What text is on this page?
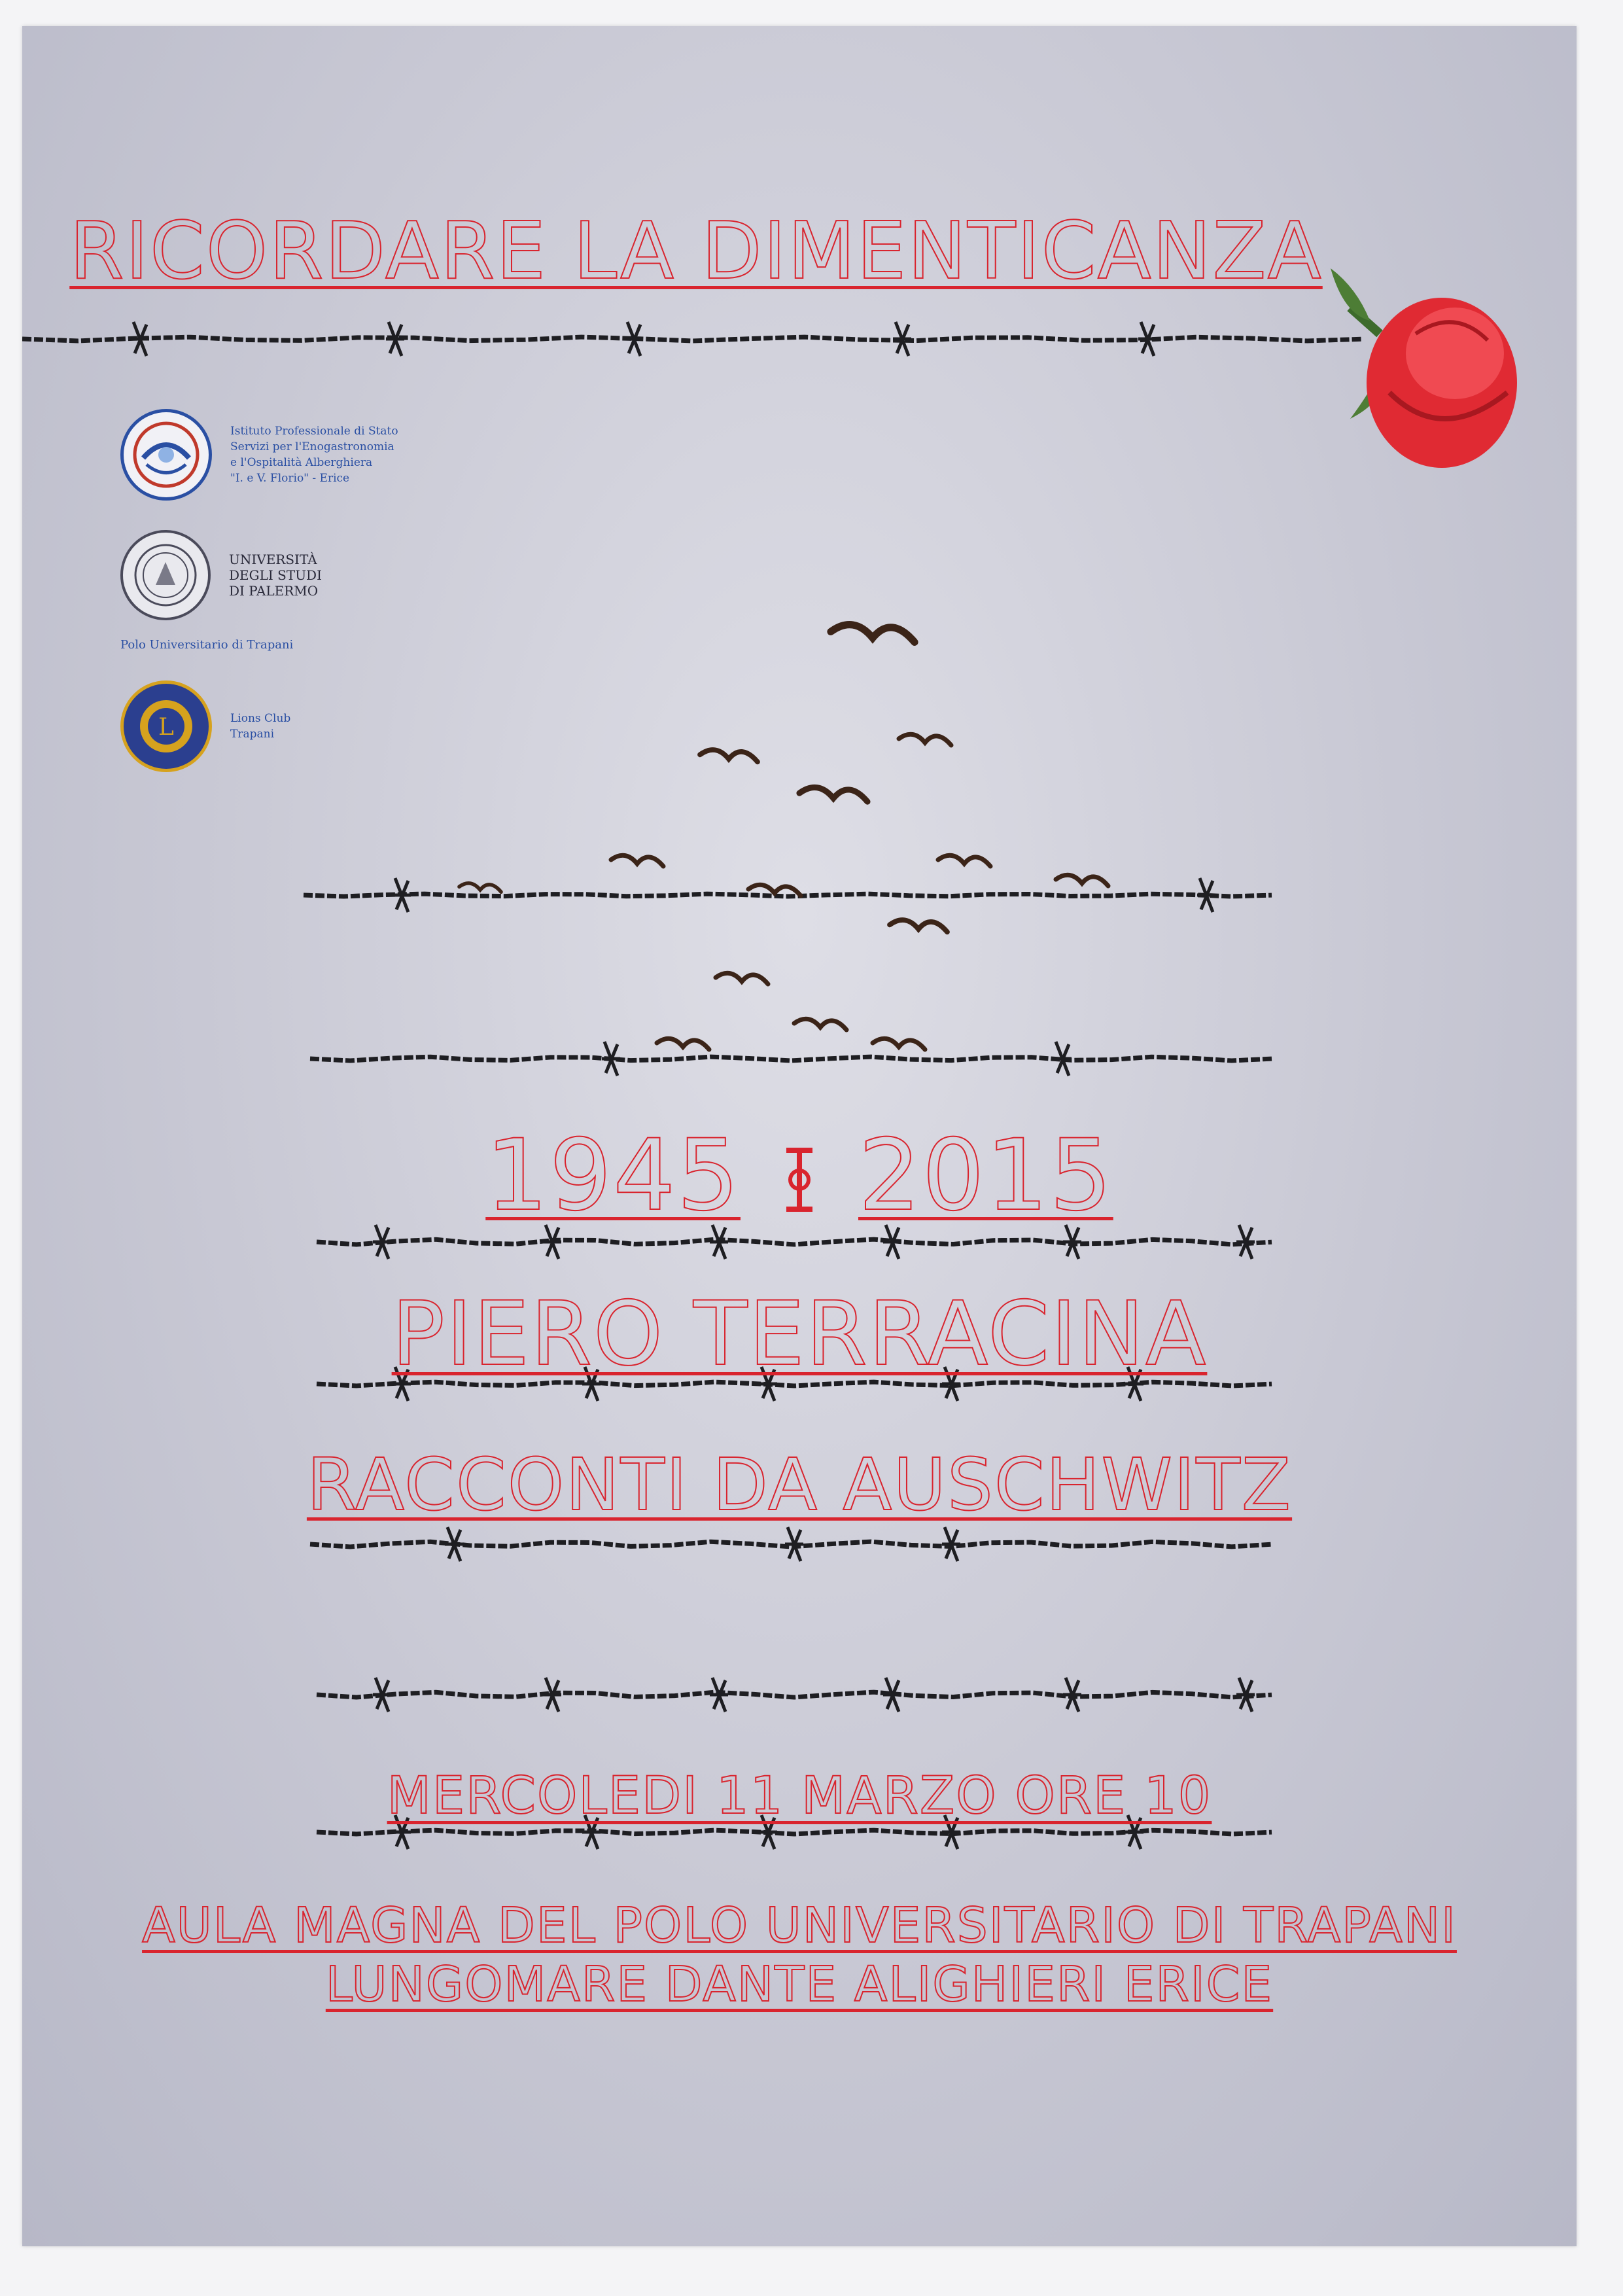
RICORDARE LA DIMENTICANZA
Istituto Professionale di Stato
Servizi per l'Enogastronomia
e l'Ospitalità Alberghiera
"I. e V. Florio" - Erice
UNIVERSITÀ
DEGLI STUDI
DI PALERMO
Polo Universitario di Trapani
L	Lions Club
Trapani
1945 2015
PIERO TERRACINA
RACCONTI DA AUSCHWITZ
MERCOLEDI 11 MARZO ORE 10
AULA MAGNA DEL POLO UNIVERSITARIO DI TRAPANI
LUNGOMARE DANTE ALIGHIERI ERICE
